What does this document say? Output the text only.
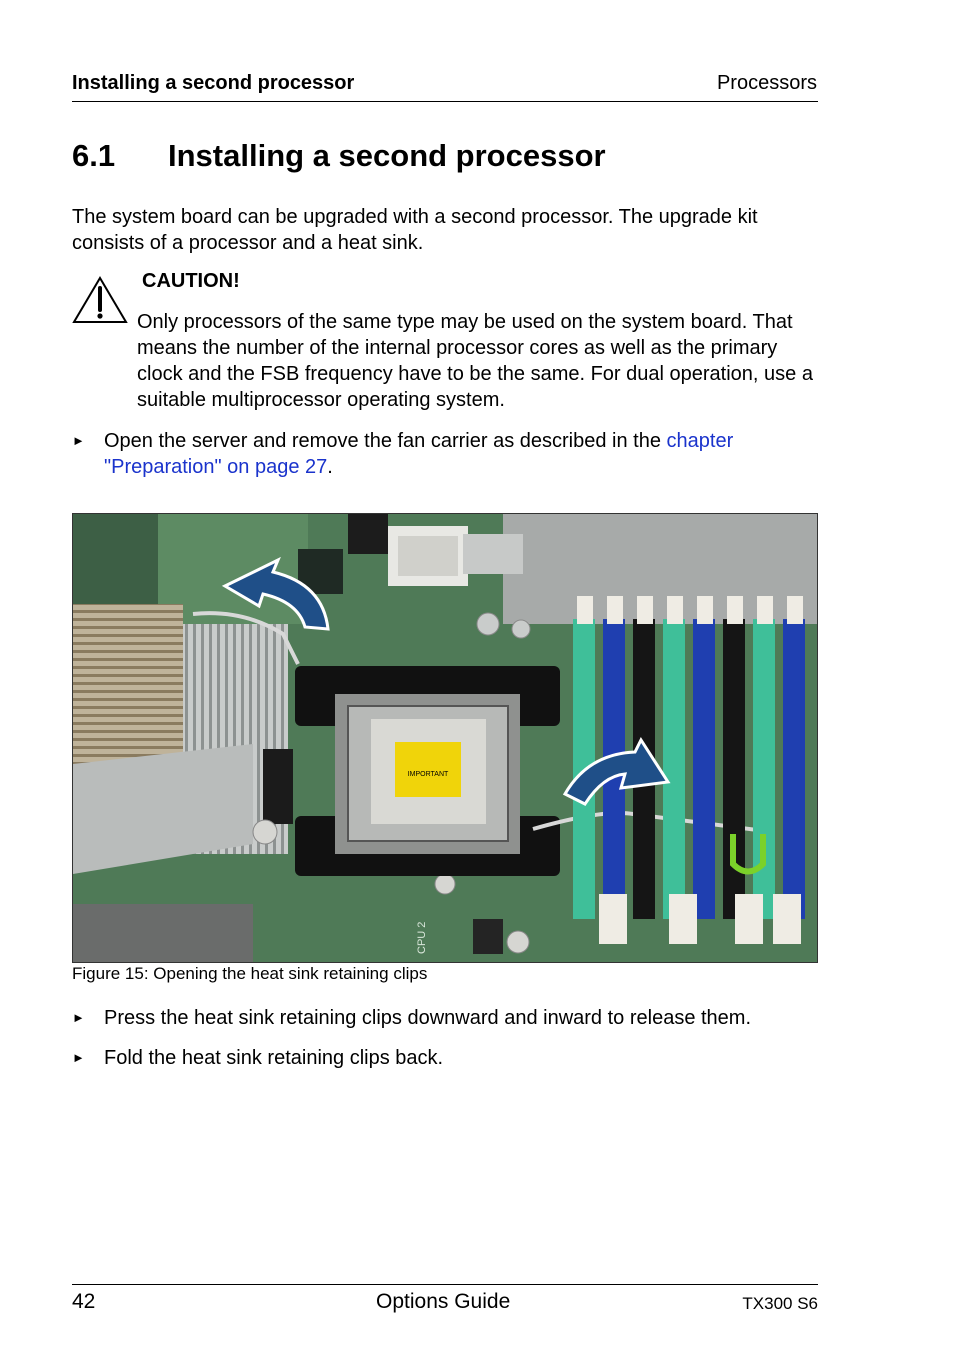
Installing a second processor	Processors
6.1 Installing a second processor
The system board can be upgraded with a second processor. The upgrade kit consists of a processor and a heat sink.
CAUTION!
Only processors of the same type may be used on the system board. That means the number of the internal processor cores as well as the primary clock and the FSB frequency have to be the same. For dual operation, use a suitable multiprocessor operating system.
► Open the server and remove the fan carrier as described in the chapter "Preparation" on page 27.
IMPORTANT
CPU 2
Figure 15: Opening the heat sink retaining clips
► Press the heat sink retaining clips downward and inward to release them.
► Fold the heat sink retaining clips back.
42	Options Guide	TX300 S6
